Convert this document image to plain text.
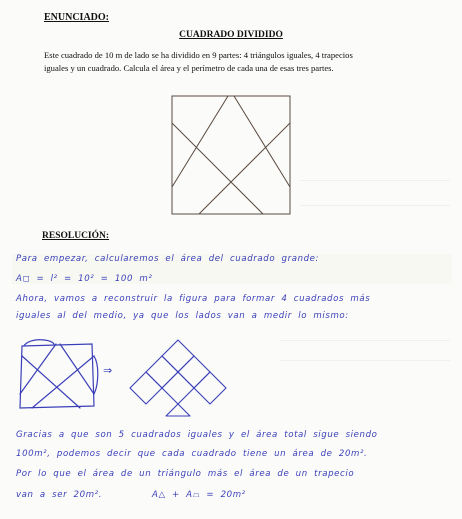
ENUNCIADO:
CUADRADO DIVIDIDO
Este cuadrado de 10 m de lado se ha dividido en 9 partes: 4 triángulos iguales, 4 trapecios
iguales y un cuadrado. Calcula el área y el perímetro de cada una de esas tres partes.
RESOLUCIÓN:
Para empezar, calcularemos el área del cuadrado grande:
A◻ = l² = 10² = 100 m²
Ahora, vamos a reconstruir la figura para formar 4 cuadrados más
iguales al del medio, ya que los lados van a medir lo mismo:
⇒
Gracias a que son 5 cuadrados iguales y el área total sigue siendo
100m², podemos decir que cada cuadrado tiene un área de 20m².
Por lo que el área de un triángulo más el área de un trapecio
van a ser 20m².	A△ + A⏢ = 20m²
